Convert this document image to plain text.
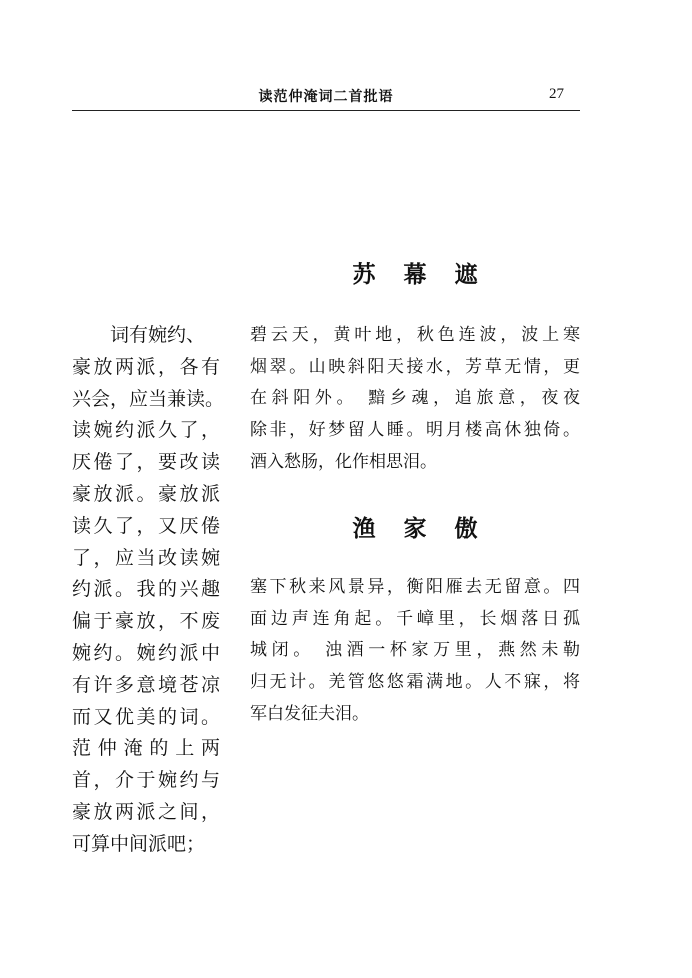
读范仲淹词二首批语	27
词有婉约、
豪放两派，各有
兴会，应当兼读。
读婉约派久了，
厌倦了，要改读
豪放派。豪放派
读久了，又厌倦
了，应当改读婉
约派。我的兴趣
偏于豪放，不废
婉约。婉约派中
有许多意境苍凉
而又优美的词。
范仲淹的上两
首，介于婉约与
豪放两派之间，
可算中间派吧；
苏 幕 遮
碧云天，黄叶地，秋色连波，波上寒
烟翠。山映斜阳天接水，芳草无情，更
在斜阳外。 黯乡魂，追旅意，夜夜
除非，好梦留人睡。明月楼高休独倚。
酒入愁肠，化作相思泪。
渔 家 傲
塞下秋来风景异，衡阳雁去无留意。四
面边声连角起。千嶂里，长烟落日孤
城闭。 浊酒一杯家万里，燕然未勒
归无计。羌管悠悠霜满地。人不寐，将
军白发征夫泪。
